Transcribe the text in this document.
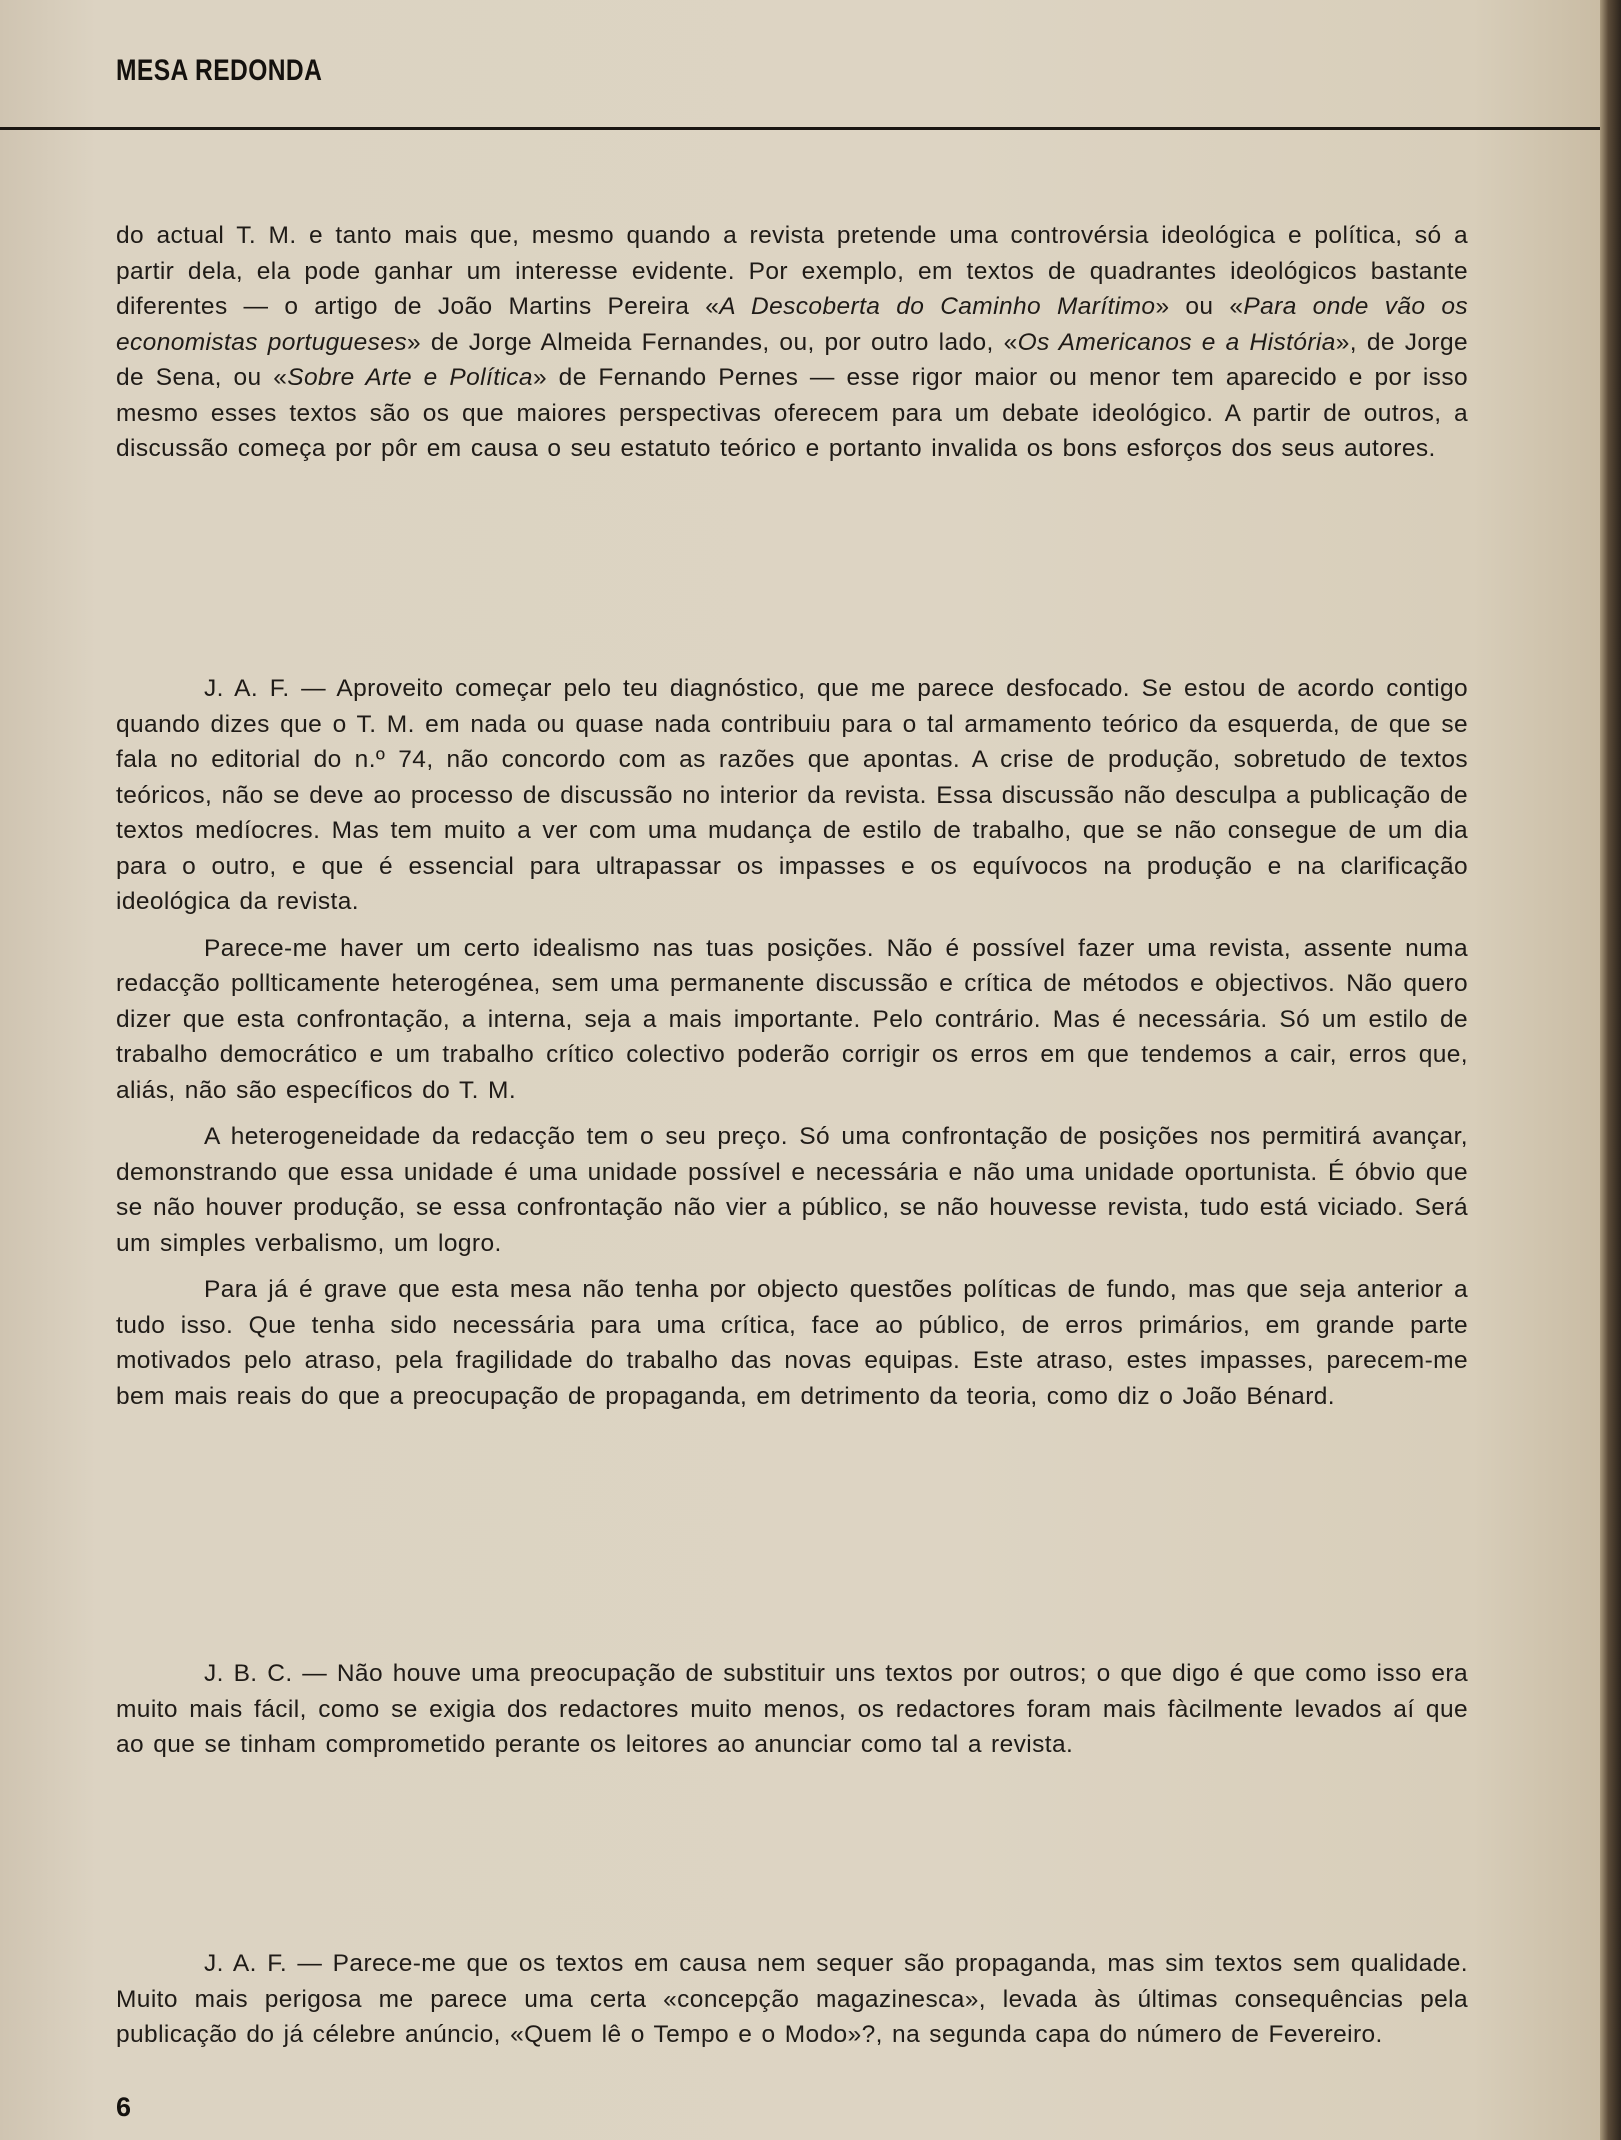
MESA REDONDA

do actual T. M. e tanto mais que, mesmo quando a revista pretende uma controvérsia ideológica e política, só a partir dela, ela pode ganhar um interesse evidente. Por exemplo, em textos de quadrantes ideológicos bastante diferentes — o artigo de João Martins Pereira «A Descoberta do Caminho Marítimo» ou «Para onde vão os economistas portugueses» de Jorge Almeida Fernandes, ou, por outro lado, «Os Americanos e a História», de Jorge de Sena, ou «Sobre Arte e Política» de Fernando Pernes — esse rigor maior ou menor tem aparecido e por isso mesmo esses textos são os que maiores perspectivas oferecem para um debate ideológico. A partir de outros, a discussão começa por pôr em causa o seu estatuto teórico e portanto invalida os bons esforços dos seus autores.

J. A. F. — Aproveito começar pelo teu diagnóstico, que me parece desfocado. Se estou de acordo contigo quando dizes que o T. M. em nada ou quase nada contribuiu para o tal armamento teórico da esquerda, de que se fala no editorial do n.º 74, não concordo com as razões que apontas. A crise de produção, sobretudo de textos teóricos, não se deve ao processo de discussão no interior da revista. Essa discussão não desculpa a publicação de textos medíocres. Mas tem muito a ver com uma mudança de estilo de trabalho, que se não consegue de um dia para o outro, e que é essencial para ultrapassar os impasses e os equívocos na produção e na clarificação ideológica da revista.

Parece-me haver um certo idealismo nas tuas posições. Não é possível fazer uma revista, assente numa redacção pollticamente heterogénea, sem uma permanente discussão e crítica de métodos e objectivos. Não quero dizer que esta confrontação, a interna, seja a mais importante. Pelo contrário. Mas é necessária. Só um estilo de trabalho democrático e um trabalho crítico colectivo poderão corrigir os erros em que tendemos a cair, erros que, aliás, não são específicos do T. M.

A heterogeneidade da redacção tem o seu preço. Só uma confrontação de posições nos permitirá avançar, demonstrando que essa unidade é uma unidade possível e necessária e não uma unidade oportunista. É óbvio que se não houver produção, se essa confrontação não vier a público, se não houvesse revista, tudo está viciado. Será um simples verbalismo, um logro.

Para já é grave que esta mesa não tenha por objecto questões políticas de fundo, mas que seja anterior a tudo isso. Que tenha sido necessária para uma crítica, face ao público, de erros primários, em grande parte motivados pelo atraso, pela fragilidade do trabalho das novas equipas. Este atraso, estes impasses, parecem-me bem mais reais do que a preocupação de propaganda, em detrimento da teoria, como diz o João Bénard.

J. B. C. — Não houve uma preocupação de substituir uns textos por outros; o que digo é que como isso era muito mais fácil, como se exigia dos redactores muito menos, os redactores foram mais fàcilmente levados aí que ao que se tinham comprometido perante os leitores ao anunciar como tal a revista.

J. A. F. — Parece-me que os textos em causa nem sequer são propaganda, mas sim textos sem qualidade. Muito mais perigosa me parece uma certa «concepção magazinesca», levada às últimas consequências pela publicação do já célebre anúncio, «Quem lê o Tempo e o Modo»?, na segunda capa do número de Fevereiro.

6
